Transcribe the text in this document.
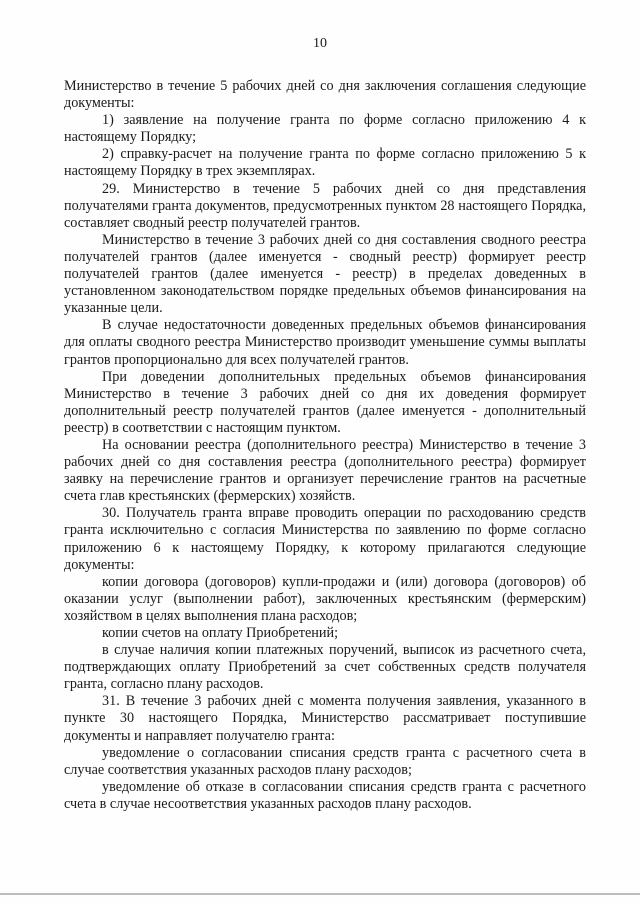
10

Министерство в течение 5 рабочих дней со дня заключения соглашения следующие документы:

1) заявление на получение гранта по форме согласно приложению 4 к настоящему Порядку;

2) справку-расчет на получение гранта по форме согласно приложению 5 к настоящему Порядку в трех экземплярах.

29. Министерство в течение 5 рабочих дней со дня представления получателями гранта документов, предусмотренных пунктом 28 настоящего Порядка, составляет сводный реестр получателей грантов.

Министерство в течение 3 рабочих дней со дня составления сводного реестра получателей грантов (далее именуется - сводный реестр) формирует реестр получателей грантов (далее именуется - реестр) в пределах доведенных в установленном законодательством порядке предельных объемов финансирования на указанные цели.

В случае недостаточности доведенных предельных объемов финансирования для оплаты сводного реестра Министерство производит уменьшение суммы выплаты грантов пропорционально для всех получателей грантов.

При доведении дополнительных предельных объемов финансирования Министерство в течение 3 рабочих дней со дня их доведения формирует дополнительный реестр получателей грантов (далее именуется - дополнительный реестр) в соответствии с настоящим пунктом.

На основании реестра (дополнительного реестра) Министерство в течение 3 рабочих дней со дня составления реестра (дополнительного реестра) формирует заявку на перечисление грантов и организует перечисление грантов на расчетные счета глав крестьянских (фермерских) хозяйств.

30. Получатель гранта вправе проводить операции по расходованию средств гранта исключительно с согласия Министерства по заявлению по форме согласно приложению 6 к настоящему Порядку, к которому прилагаются следующие документы:

копии договора (договоров) купли-продажи и (или) договора (договоров) об оказании услуг (выполнении работ), заключенных крестьянским (фермерским) хозяйством в целях выполнения плана расходов;

копии счетов на оплату Приобретений;

в случае наличия копии платежных поручений, выписок из расчетного счета, подтверждающих оплату Приобретений за счет собственных средств получателя гранта, согласно плану расходов.

31. В течение 3 рабочих дней с момента получения заявления, указанного в пункте 30 настоящего Порядка, Министерство рассматривает поступившие документы и направляет получателю гранта:

уведомление о согласовании списания средств гранта с расчетного счета в случае соответствия указанных расходов плану расходов;

уведомление об отказе в согласовании списания средств гранта с расчетного счета в случае несоответствия указанных расходов плану расходов.
